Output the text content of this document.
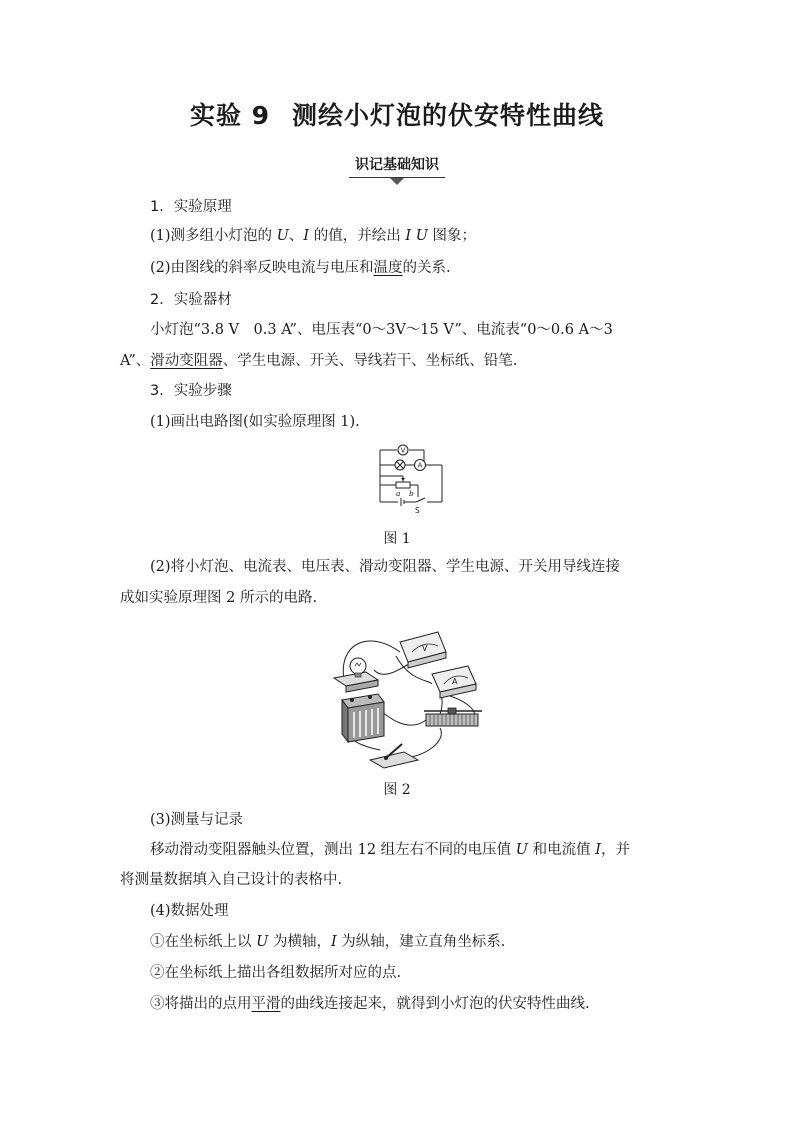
实验 9 测绘小灯泡的伏安特性曲线
识记基础知识
1．实验原理
(1)测多组小灯泡的 U、I 的值，并绘出 I U 图象；
(2)由图线的斜率反映电流与电压和温度的关系.
2．实验器材
小灯泡“3.8 V　0.3 A”、电压表“0～3V～15 V”、电流表“0～0.6 A～3
A”、滑动变阻器、学生电源、开关、导线若干、坐标纸、铅笔.
3．实验步骤
(1)画出电路图(如实验原理图 1).
V
A
a b
S
图 1
(2)将小灯泡、电流表、电压表、滑动变阻器、学生电源、开关用导线连接
成如实验原理图 2 所示的电路.
V
A
图 2
(3)测量与记录
移动滑动变阻器触头位置，测出 12 组左右不同的电压值 U 和电流值 I，并
将测量数据填入自己设计的表格中.
(4)数据处理
①在坐标纸上以 U 为横轴，I 为纵轴，建立直角坐标系.
②在坐标纸上描出各组数据所对应的点.
③将描出的点用平滑的曲线连接起来，就得到小灯泡的伏安特性曲线.
